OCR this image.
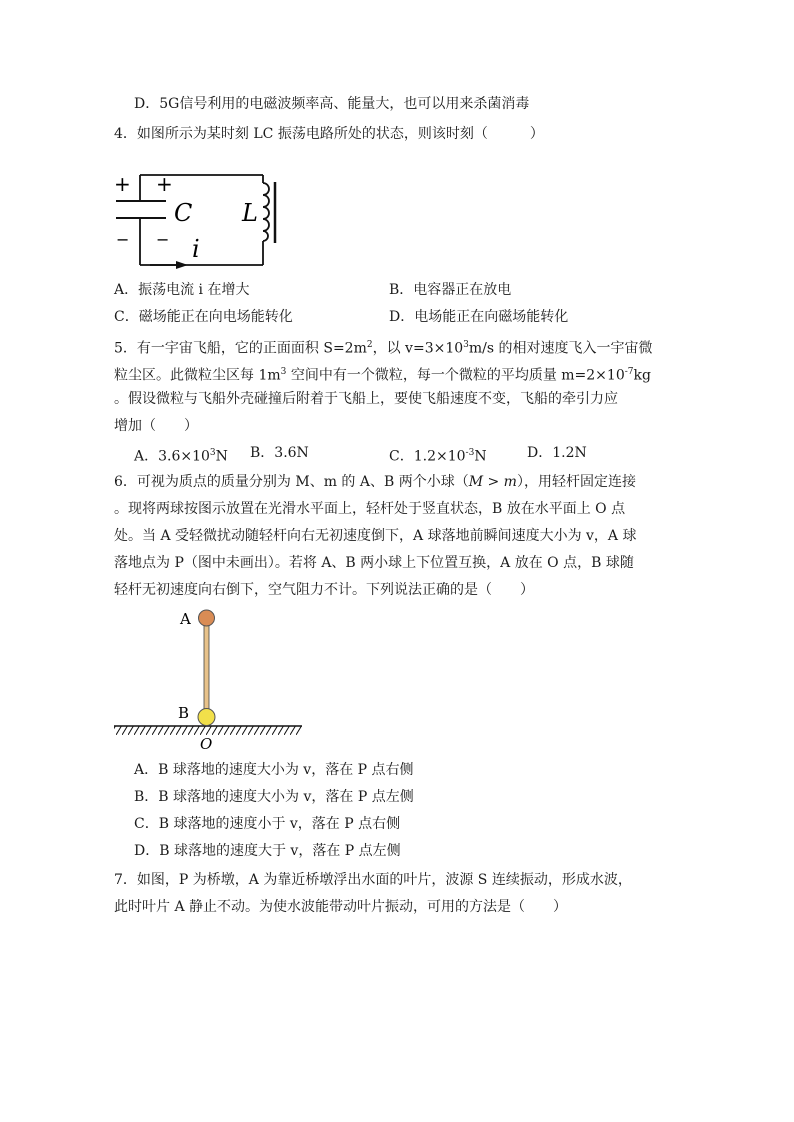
D．5G信号利用的电磁波频率高、能量大，也可以用来杀菌消毒
4．如图所示为某时刻 LC 振荡电路所处的状态，则该时刻（　　　）
+ +
− −
C L
i
A．振荡电流 i 在增大	B．电容器正在放电
C．磁场能正在向电场能转化	D．电场能正在向磁场能转化
5．有一宇宙飞船，它的正面面积 $S=2m^2$，以 $v=3\times 10^3m/s$ 的相对速度飞入一宇宙微
粒尘区。此微粒尘区每 $1m^3$ 空间中有一个微粒，每一个微粒的平均质量 $m=2\times 10^{-7}kg$
。假设微粒与飞船外壳碰撞后附着于飞船上，要使飞船速度不变，飞船的牵引力应
增加（　　）
A．$3.6\times 10^3N$ B．3.6N	C．$1.2\times 10^{-3}N$	D．1.2N
6．可视为质点的质量分别为 M、m 的 A、B 两个小球（M > m），用轻杆固定连接
。现将两球按图示放置在光滑水平面上，轻杆处于竖直状态，B 放在水平面上 O 点
处。当 A 受轻微扰动随轻杆向右无初速度倒下，A 球落地前瞬间速度大小为 v，A 球
落地点为 P（图中未画出）。若将 A、B 两小球上下位置互换，A 放在 O 点，B 球随
轻杆无初速度向右倒下，空气阻力不计。下列说法正确的是（　　）
A
B
O
A．B 球落地的速度大小为 v，落在 P 点右侧
B．B 球落地的速度大小为 v，落在 P 点左侧
C．B 球落地的速度小于 v，落在 P 点右侧
D．B 球落地的速度大于 v，落在 P 点左侧
7．如图，P 为桥墩，A 为靠近桥墩浮出水面的叶片，波源 S 连续振动，形成水波，
此时叶片 A 静止不动。为使水波能带动叶片振动，可用的方法是（　　）
